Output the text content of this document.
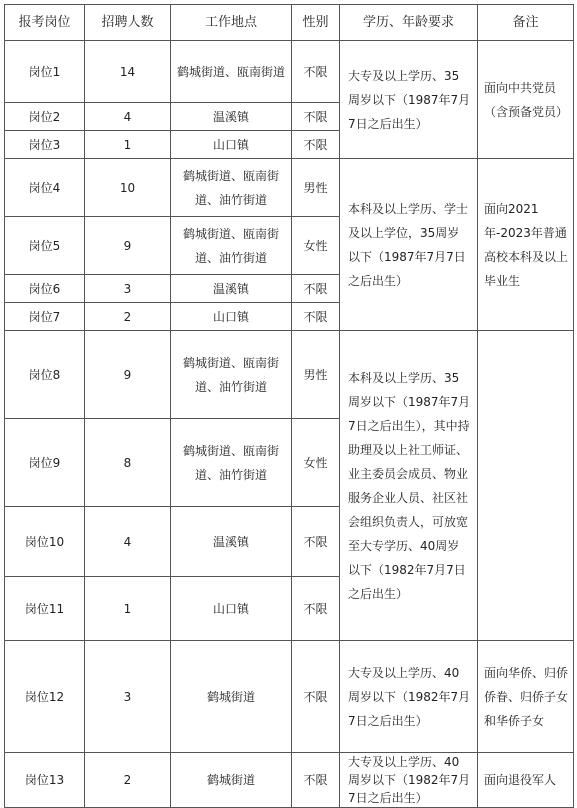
报考岗位	招聘人数	工作地点	性别	学历、年龄要求	备注
岗位1	14	鹤城街道、瓯南街道	不限	大专及以上学历、35周岁以下（1987年7月7日之后出生）	面向中共党员（含预备党员）
岗位2	4	温溪镇	不限		
岗位3	1	山口镇	不限		
岗位4	10	鹤城街道、瓯南街道、油竹街道	男性	本科及以上学历、学士及以上学位，35周岁以下（1987年7月7日之后出生）	面向2021年-2023年普通高校本科及以上毕业生
岗位5	9	鹤城街道、瓯南街道、油竹街道	女性		
岗位6	3	温溪镇	不限		
岗位7	2	山口镇	不限		
岗位8	9	鹤城街道、瓯南街道、油竹街道	男性	本科及以上学历、35周岁以下（1987年7月7日之后出生），其中持助理及以上社工师证、业主委员会成员、物业服务企业人员、社区社会组织负责人，可放宽至大专学历、40周岁以下（1982年7月7日之后出生）	
岗位9	8	鹤城街道、瓯南街道、油竹街道	女性		
岗位10	4	温溪镇	不限		
岗位11	1	山口镇	不限		
岗位12	3	鹤城街道	不限	大专及以上学历、40周岁以下（1982年7月7日之后出生）	面向华侨、归侨侨眷、归侨子女和华侨子女
岗位13	2	鹤城街道	不限	大专及以上学历、40周岁以下（1982年7月7日之后出生）	面向退役军人
